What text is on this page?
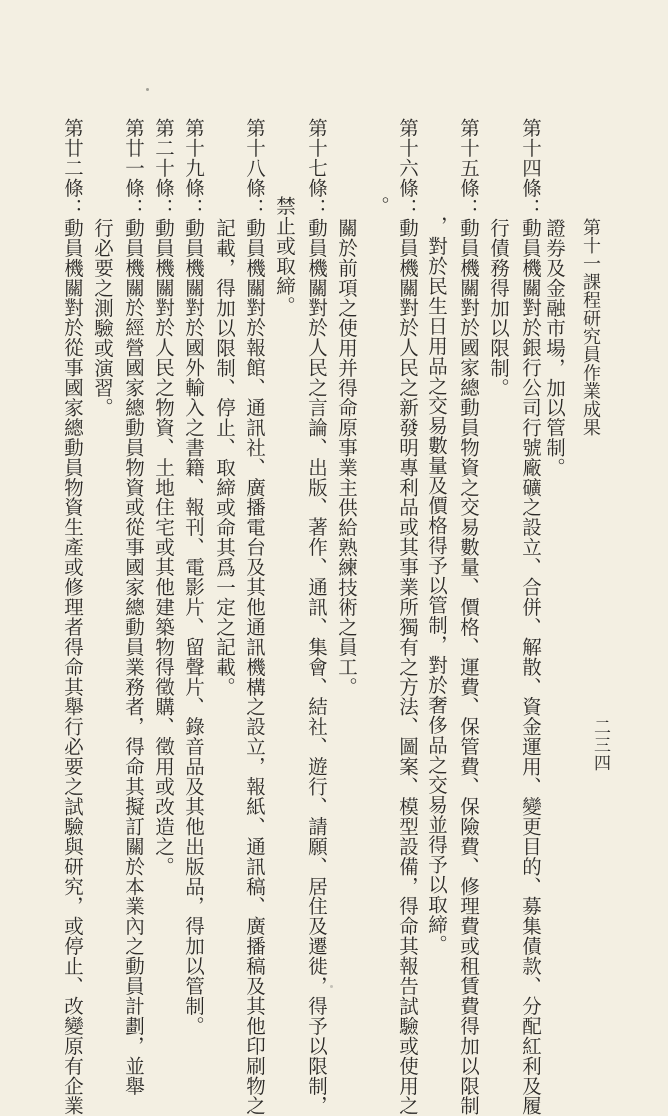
第十一課程研究員作業成果
二三四
證券及金融市場，加以管制。
第十四條：動員機關對於銀行公司行號廠礦之設立、合併、解散、資金運用、變更目的、募集債款、分配紅利及履
行債務得加以限制。
第十五條：動員機關對於國家總動員物資之交易數量、價格、運費、保管費、保險費、修理費或租賃費得加以限制
，對於民生日用品之交易數量及價格得予以管制，對於奢侈品之交易並得予以取締。
第十六條：動員機關對於人民之新發明專利品或其事業所獨有之方法、圖案、模型設備，得命其報告試驗或使用之
。
關於前項之使用并得命原事業主供給熟練技術之員工。
第十七條：動員機關對於人民之言論、出版、著作、通訊、集會、結社、遊行、請願、居住及遷徙，得予以限制，
禁止或取締。
第十八條：動員機關對於報館、通訊社、廣播電台及其他通訊機構之設立，報紙、通訊稿、廣播稿及其他印刷物之
記載，得加以限制、停止、取締或命其爲一定之記載。
第十九條：動員機關對於國外輸入之書籍、報刊、電影片、留聲片、錄音品及其他出版品，得加以管制。
第二十條：動員機關對於人民之物資、土地住宅或其他建築物得徵購、徵用或改造之。
第廿一條：動員機關於經營國家總動員物資或從事國家總動員業務者，得命其擬訂關於本業內之動員計劃，並舉
行必要之測驗或演習。
第廿二條：動員機關對於從事國家總動員物資生產或修理者得命其舉行必要之試驗與研究，或停止、改變原有企業
